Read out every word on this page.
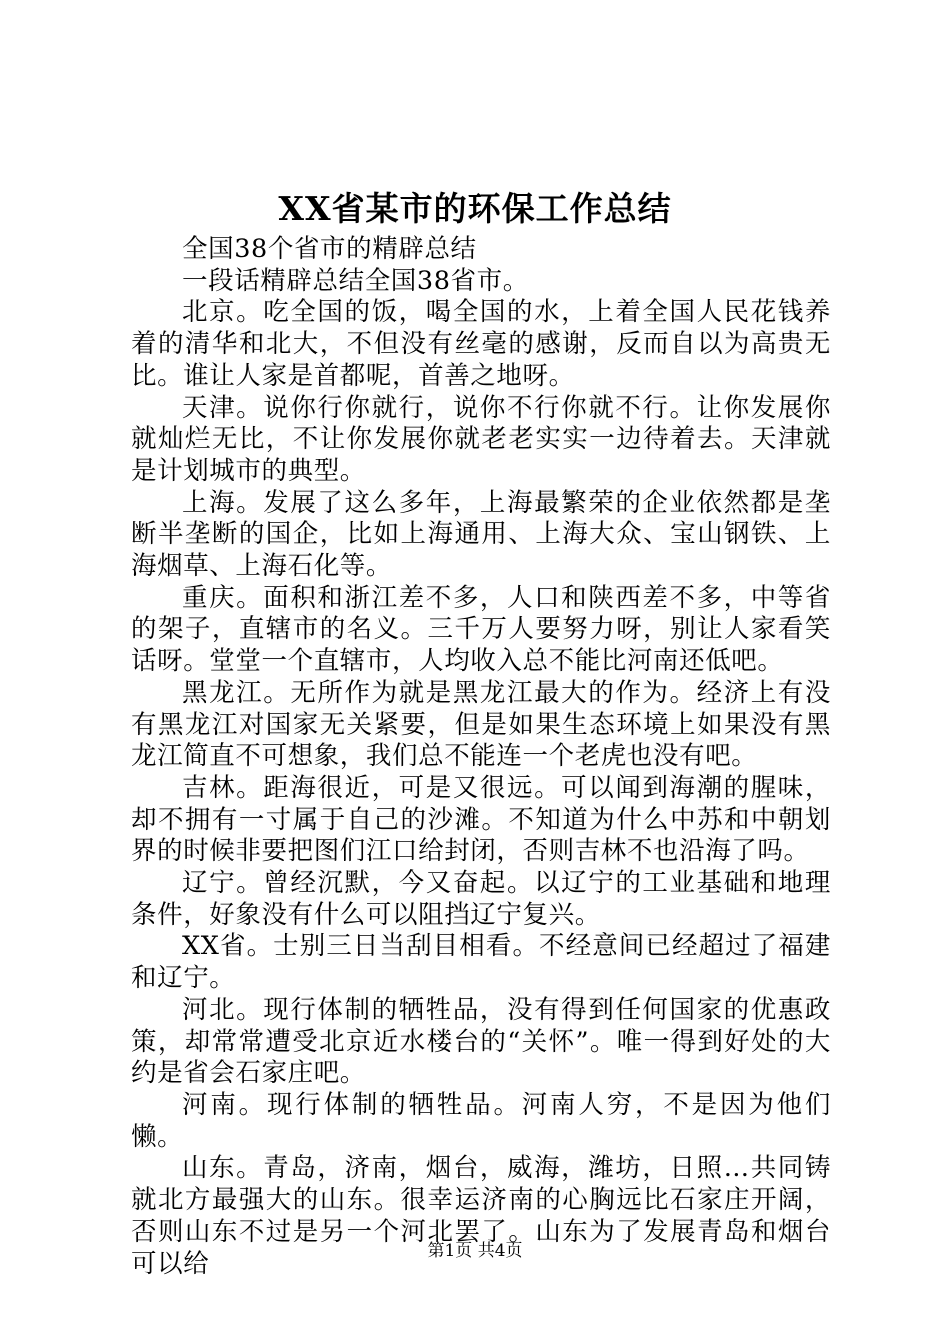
XX省某市的环保工作总结

全国38个省市的精辟总结

一段话精辟总结全国38省市。

北京。吃全国的饭，喝全国的水，上着全国人民花钱养着的清华和北大，不但没有丝毫的感谢，反而自以为高贵无比。谁让人家是首都呢，首善之地呀。

天津。说你行你就行，说你不行你就不行。让你发展你就灿烂无比，不让你发展你就老老实实一边待着去。天津就是计划城市的典型。

上海。发展了这么多年，上海最繁荣的企业依然都是垄断半垄断的国企，比如上海通用、上海大众、宝山钢铁、上海烟草、上海石化等。

重庆。面积和浙江差不多，人口和陕西差不多，中等省的架子，直辖市的名义。三千万人要努力呀，别让人家看笑话呀。堂堂一个直辖市，人均收入总不能比河南还低吧。

黑龙江。无所作为就是黑龙江最大的作为。经济上有没有黑龙江对国家无关紧要，但是如果生态环境上如果没有黑龙江简直不可想象，我们总不能连一个老虎也没有吧。

吉林。距海很近，可是又很远。可以闻到海潮的腥味，却不拥有一寸属于自己的沙滩。不知道为什么中苏和中朝划界的时候非要把图们江口给封闭，否则吉林不也沿海了吗。

辽宁。曾经沉默，今又奋起。以辽宁的工业基础和地理条件，好象没有什么可以阻挡辽宁复兴。

XX省。士别三日当刮目相看。不经意间已经超过了福建和辽宁。

河北。现行体制的牺牲品，没有得到任何国家的优惠政策，却常常遭受北京近水楼台的“关怀”。唯一得到好处的大约是省会石家庄吧。

河南。现行体制的牺牲品。河南人穷，不是因为他们懒。

山东。青岛，济南，烟台，威海，潍坊，日照…共同铸就北方最强大的山东。很幸运济南的心胸远比石家庄开阔，否则山东不过是另一个河北罢了。山东为了发展青岛和烟台可以给	第1页 共4页
